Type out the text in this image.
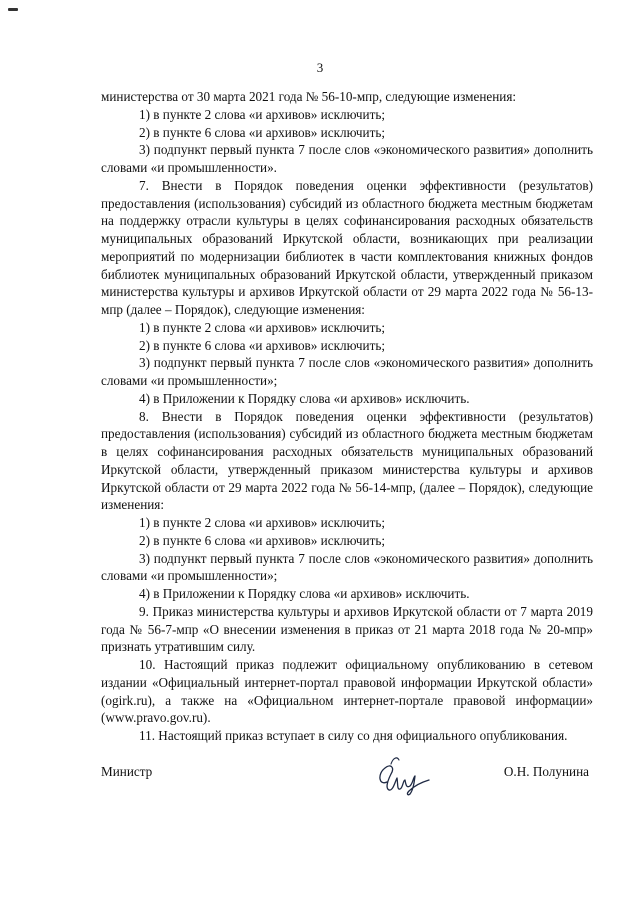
3

министерства от 30 марта 2021 года № 56-10-мпр, следующие изменения:

1) в пункте 2 слова «и архивов» исключить;

2) в пункте 6 слова «и архивов» исключить;

3) подпункт первый пункта 7 после слов «экономического развития» дополнить словами «и промышленности».

7. Внести в Порядок поведения оценки эффективности (результатов) предоставления (использования) субсидий из областного бюджета местным бюджетам на поддержку отрасли культуры в целях софинансирования расходных обязательств муниципальных образований Иркутской области, возникающих при реализации мероприятий по модернизации библиотек в части комплектования книжных фондов библиотек муниципальных образований Иркутской области, утвержденный приказом министерства культуры и архивов Иркутской области от 29 марта 2022 года № 56-13-мпр (далее – Порядок), следующие изменения:

1) в пункте 2 слова «и архивов» исключить;

2) в пункте 6 слова «и архивов» исключить;

3) подпункт первый пункта 7 после слов «экономического развития» дополнить словами «и промышленности»;

4) в Приложении к Порядку слова «и архивов» исключить.

8. Внести в Порядок поведения оценки эффективности (результатов) предоставления (использования) субсидий из областного бюджета местным бюджетам в целях софинансирования расходных обязательств муниципальных образований Иркутской области, утвержденный приказом министерства культуры и архивов Иркутской области от 29 марта 2022 года № 56-14-мпр, (далее – Порядок), следующие изменения:

1) в пункте 2 слова «и архивов» исключить;

2) в пункте 6 слова «и архивов» исключить;

3) подпункт первый пункта 7 после слов «экономического развития» дополнить словами «и промышленности»;

4) в Приложении к Порядку слова «и архивов» исключить.

9. Приказ министерства культуры и архивов Иркутской области от 7 марта 2019 года № 56-7-мпр «О внесении изменения в приказ от 21 марта 2018 года № 20-мпр» признать утратившим силу.

10. Настоящий приказ подлежит официальному опубликованию в сетевом издании «Официальный интернет-портал правовой информации Иркутской области» (ogirk.ru), а также на «Официальном интернет-портале правовой информации» (www.pravo.gov.ru).

11. Настоящий приказ вступает в силу со дня официального опубликования.

Министр	О.Н. Полунина
